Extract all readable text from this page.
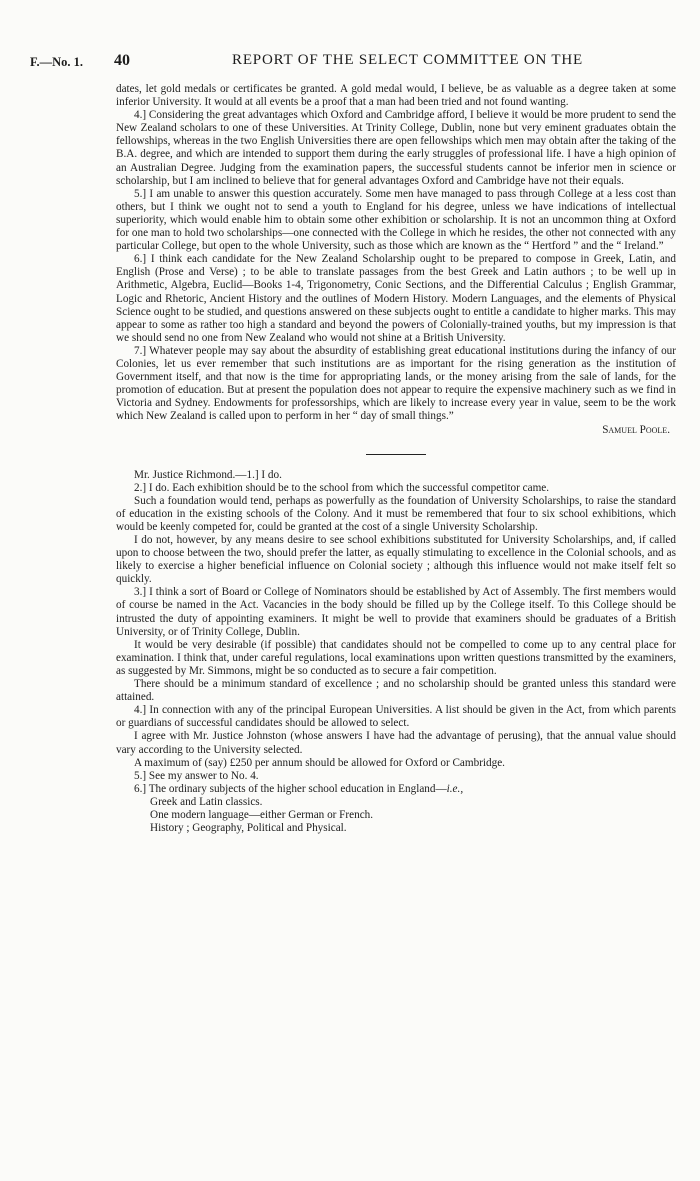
F.—No. 1. 40	REPORT OF THE SELECT COMMITTEE ON THE

dates, let gold medals or certificates be granted. A gold medal would, I believe, be as valuable as a degree taken at some inferior University. It would at all events be a proof that a man had been tried and not found wanting.

4.] Considering the great advantages which Oxford and Cambridge afford, I believe it would be more prudent to send the New Zealand scholars to one of these Universities. At Trinity College, Dublin, none but very eminent graduates obtain the fellowships, whereas in the two English Universities there are open fellowships which men may obtain after the taking of the B.A. degree, and which are intended to support them during the early struggles of professional life. I have a high opinion of an Australian Degree. Judging from the examination papers, the successful students cannot be inferior men in science or scholarship, but I am inclined to believe that for general advantages Oxford and Cambridge have not their equals.

5.] I am unable to answer this question accurately. Some men have managed to pass through College at a less cost than others, but I think we ought not to send a youth to England for his degree, unless we have indications of intellectual superiority, which would enable him to obtain some other exhibition or scholarship. It is not an uncommon thing at Oxford for one man to hold two scholarships—one connected with the College in which he resides, the other not connected with any particular College, but open to the whole University, such as those which are known as the “ Hertford ” and the “ Ireland.”

6.] I think each candidate for the New Zealand Scholarship ought to be prepared to compose in Greek, Latin, and English (Prose and Verse) ; to be able to translate passages from the best Greek and Latin authors ; to be well up in Arithmetic, Algebra, Euclid—Books 1-4, Trigonometry, Conic Sections, and the Differential Calculus ; English Grammar, Logic and Rhetoric, Ancient History and the outlines of Modern History. Modern Languages, and the elements of Physical Science ought to be studied, and questions answered on these subjects ought to entitle a candidate to higher marks. This may appear to some as rather too high a standard and beyond the powers of Colonially-trained youths, but my impression is that we should send no one from New Zealand who would not shine at a British University.

7.] Whatever people may say about the absurdity of establishing great educational institutions during the infancy of our Colonies, let us ever remember that such institutions are as important for the rising generation as the institution of Government itself, and that now is the time for appropriating lands, or the money arising from the sale of lands, for the promotion of education. But at present the population does not appear to require the expensive machinery such as we find in Victoria and Sydney. Endowments for professorships, which are likely to increase every year in value, seem to be the work which New Zealand is called upon to perform in her “ day of small things.”

Samuel Poole.

Mr. Justice Richmond.—1.] I do.

2.] I do. Each exhibition should be to the school from which the successful competitor came.

Such a foundation would tend, perhaps as powerfully as the foundation of University Scholarships, to raise the standard of education in the existing schools of the Colony. And it must be remembered that four to six school exhibitions, which would be keenly competed for, could be granted at the cost of a single University Scholarship.

I do not, however, by any means desire to see school exhibitions substituted for University Scholarships, and, if called upon to choose between the two, should prefer the latter, as equally stimulating to excellence in the Colonial schools, and as likely to exercise a higher beneficial influence on Colonial society ; although this influence would not make itself felt so quickly.

3.] I think a sort of Board or College of Nominators should be established by Act of Assembly. The first members would of course be named in the Act. Vacancies in the body should be filled up by the College itself. To this College should be intrusted the duty of appointing examiners. It might be well to provide that examiners should be graduates of a British University, or of Trinity College, Dublin.

It would be very desirable (if possible) that candidates should not be compelled to come up to any central place for examination. I think that, under careful regulations, local examinations upon written questions transmitted by the examiners, as suggested by Mr. Simmons, might be so conducted as to secure a fair competition.

There should be a minimum standard of excellence ; and no scholarship should be granted unless this standard were attained.

4.] In connection with any of the principal European Universities. A list should be given in the Act, from which parents or guardians of successful candidates should be allowed to select.

I agree with Mr. Justice Johnston (whose answers I have had the advantage of perusing), that the annual value should vary according to the University selected.

A maximum of (say) £250 per annum should be allowed for Oxford or Cambridge.

5.] See my answer to No. 4.

6.] The ordinary subjects of the higher school education in England—i.e.,

Greek and Latin classics.

One modern language—either German or French.

History ; Geography, Political and Physical.
